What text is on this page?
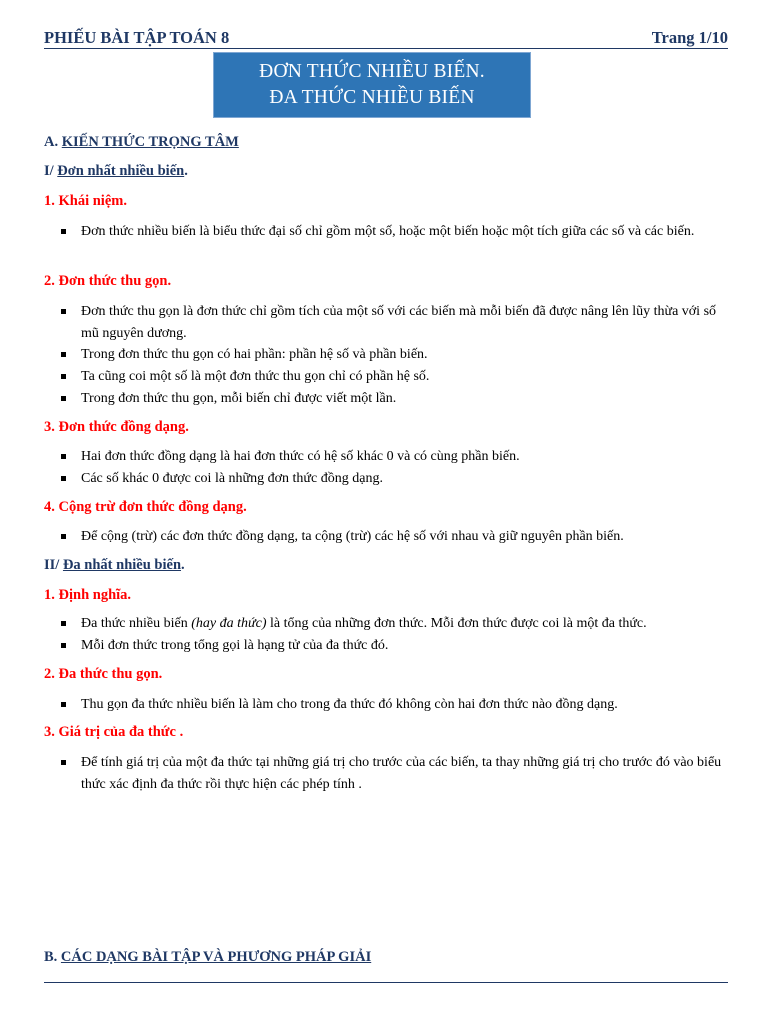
PHIẾU BÀI TẬP TOÁN 8	Trang 1/10
ĐƠN THỨC NHIỀU BIẾN.
ĐA THỨC NHIỀU BIẾN
A. KIẾN THỨC TRỌNG TÂM
I/ Đơn nhất nhiều biến.
1. Khái niệm.
Đơn thức nhiều biến là biểu thức đại số chỉ gồm một số, hoặc một biến hoặc một tích giữa các số và các biến.
2. Đơn thức thu gọn.
Đơn thức thu gọn là đơn thức chỉ gồm tích của một số với các biến mà mỗi biến đã được nâng lên lũy thừa với số mũ nguyên dương.
Trong đơn thức thu gọn có hai phần: phần hệ số và phần biến.
Ta cũng coi một số là một đơn thức thu gọn chỉ có phần hệ số.
Trong đơn thức thu gọn, mỗi biến chỉ được viết một lần.
3. Đơn thức đồng dạng.
Hai đơn thức đồng dạng là hai đơn thức có hệ số khác 0 và có cùng phần biến.
Các số khác 0 được coi là những đơn thức đồng dạng.
4. Cộng trừ đơn thức đồng dạng.
Để cộng (trừ) các đơn thức đồng dạng, ta cộng (trừ) các hệ số với nhau và giữ nguyên phần biến.
II/ Đa nhất nhiều biến.
1. Định nghĩa.
Đa thức nhiều biến (hay đa thức) là tổng của những đơn thức. Mỗi đơn thức được coi là một đa thức.
Mỗi đơn thức trong tổng gọi là hạng tử của đa thức đó.
2. Đa thức thu gọn.
Thu gọn đa thức nhiều biến là làm cho trong đa thức đó không còn hai đơn thức nào đồng dạng.
3. Giá trị của đa thức .
Để tính giá trị của một đa thức tại những giá trị cho trước của các biến, ta thay những giá trị cho trước đó vào biểu thức xác định đa thức rồi thực hiện các phép tính .
B. CÁC DẠNG BÀI TẬP VÀ PHƯƠNG PHÁP GIẢI
